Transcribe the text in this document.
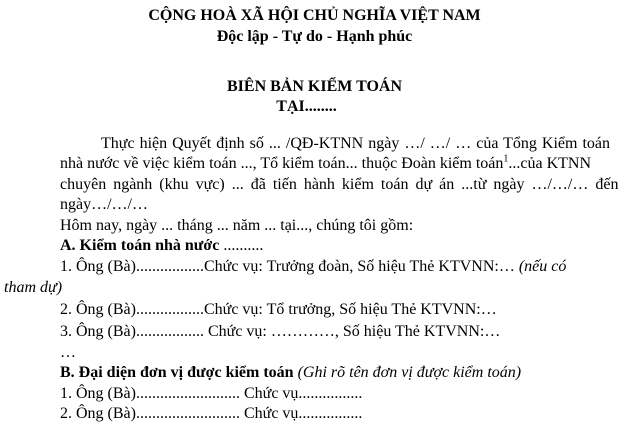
CỘNG HOÀ XÃ HỘI CHỦ NGHĨA VIỆT NAM
Độc lập - Tự do - Hạnh phúc
BIÊN BẢN KIỂM TOÁN
TẠI........
Thực hiện Quyết định số ... /QĐ-KTNN ngày …/ …/ … của Tổng Kiểm toán
nhà nước về việc kiểm toán ..., Tổ kiểm toán... thuộc Đoàn kiểm toán$^1$...của KTNN
chuyên ngành (khu vực) ... đã tiến hành kiểm toán dự án ...từ ngày …/…/… đến
ngày…/…/…
Hôm nay, ngày ... tháng ... năm ... tại..., chúng tôi gồm:
A. Kiểm toán nhà nước ..........
1. Ông (Bà).................Chức vụ: Trưởng đoàn, Số hiệu Thẻ KTVNN:… (nếu có
tham dự)
2. Ông (Bà).................Chức vụ: Tổ trưởng, Số hiệu Thẻ KTVNN:…
3. Ông (Bà)................. Chức vụ: …………, Số hiệu Thẻ KTVNN:…
…
B. Đại diện đơn vị được kiểm toán (Ghi rõ tên đơn vị được kiểm toán)
1. Ông (Bà).......................... Chức vụ................
2. Ông (Bà).......................... Chức vụ................
